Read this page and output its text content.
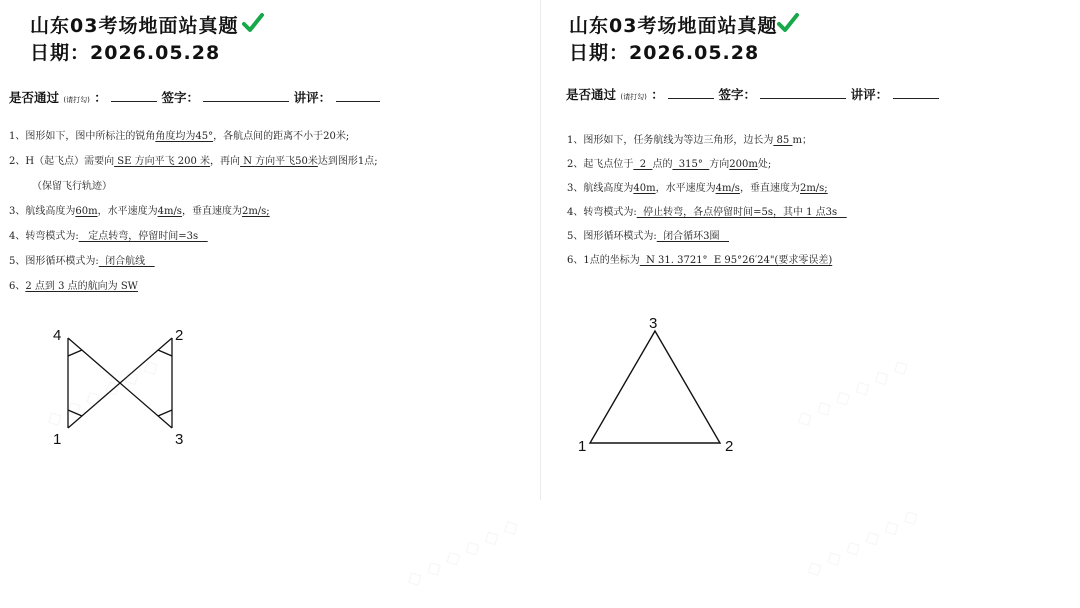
山东03考场地面站真题
日期：2026.05.28
是否通过 (请打勾) ：	签字：	讲评：
1、图形如下，图中所标注的锐角角度均为45°，各航点间的距离不小于20米;
2、H（起飞点）需要向 SE 方向平飞 200 米，再向 N 方向平飞50米达到图形1点;
（保留飞行轨迹）
3、航线高度为60m，水平速度为4m/s，垂直速度为2m/s;
4、转弯模式为:   定点转弯，停留时间=3s
5、图形循环模式为:  闭合航线
6、2 点到 3 点的航向为 SW
4	2
1	3
山东03考场地面站真题
日期：2026.05.28
是否通过 (请打勾) ：	签字：	讲评：
1、图形如下，任务航线为等边三角形，边长为 85 m；
2、起飞点位于  2  点的  315°  方向200m处;
3、航线高度为40m，水平速度为4m/s，垂直速度为2m/s;
4、转弯模式为:  停止转弯，各点停留时间=5s，其中 1 点3s
5、图形循环模式为:  闭合循环3圈
6、1点的坐标为  N 31. 3721°  E 95°26′24"(要求零误差)
3
1	2
◇ ◇ ◇ ◇ ◇ ◇
◇ ◇ ◇ ◇ ◇ ◇	◇ ◇ ◇ ◇ ◇ ◇
◇ ◇ ◇ ◇ ◇ ◇
